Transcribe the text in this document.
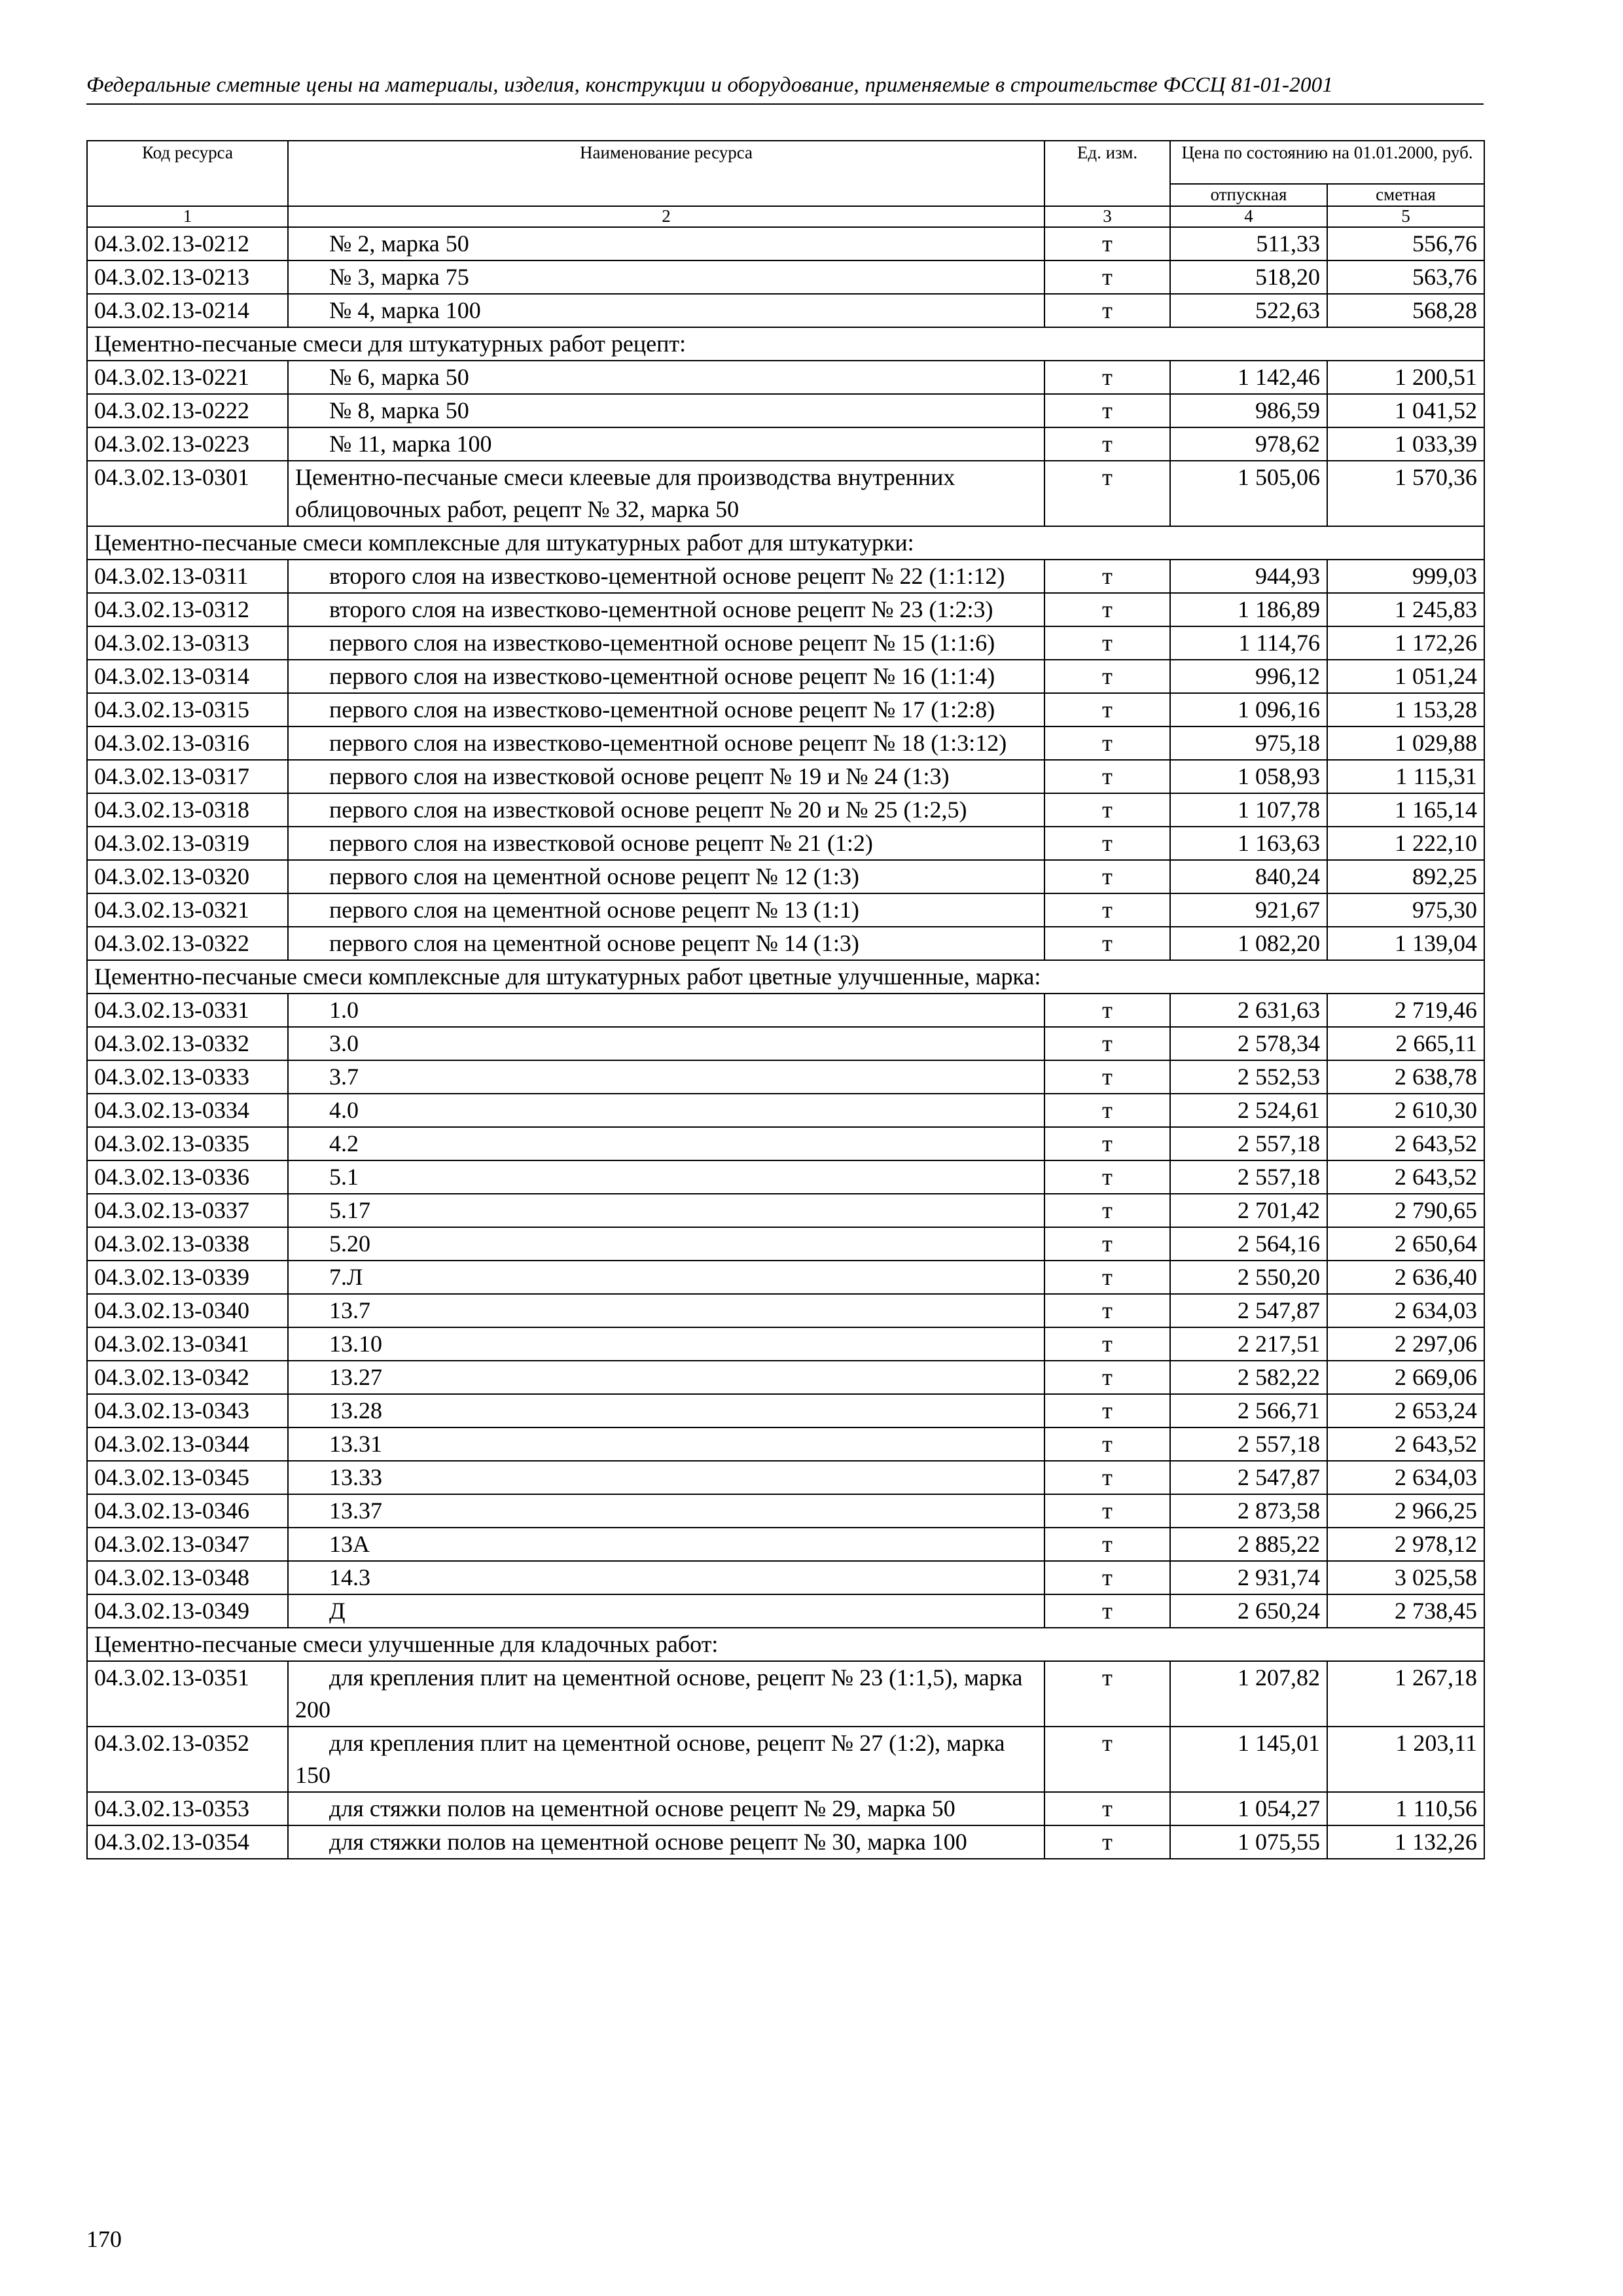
Федеральные сметные цены на материалы, изделия, конструкции и оборудование, применяемые в строительстве ФССЦ 81-01-2001
Код ресурса	Наименование ресурса	Ед. изм.	Цена по состоянию на 01.01.2000, руб.	
			отпускная	сметная
1	2	3	4	5
04.3.02.13-0212	№ 2, марка 50	т	511,33	556,76
04.3.02.13-0213	№ 3, марка 75	т	518,20	563,76
04.3.02.13-0214	№ 4, марка 100	т	522,63	568,28
Цементно-песчаные смеси для штукатурных работ рецепт:				
04.3.02.13-0221	№ 6, марка 50	т	1 142,46	1 200,51
04.3.02.13-0222	№ 8, марка 50	т	986,59	1 041,52
04.3.02.13-0223	№ 11, марка 100	т	978,62	1 033,39
04.3.02.13-0301	Цементно-песчаные смеси клеевые для производства внутренних облицовочных работ, рецепт № 32, марка 50	т	1 505,06	1 570,36
Цементно-песчаные смеси комплексные для штукатурных работ для штукатурки:				
04.3.02.13-0311	второго слоя на известково-цементной основе рецепт № 22 (1:1:12)	т	944,93	999,03
04.3.02.13-0312	второго слоя на известково-цементной основе рецепт № 23 (1:2:3)	т	1 186,89	1 245,83
04.3.02.13-0313	первого слоя на известково-цементной основе рецепт № 15 (1:1:6)	т	1 114,76	1 172,26
04.3.02.13-0314	первого слоя на известково-цементной основе рецепт № 16 (1:1:4)	т	996,12	1 051,24
04.3.02.13-0315	первого слоя на известково-цементной основе рецепт № 17 (1:2:8)	т	1 096,16	1 153,28
04.3.02.13-0316	первого слоя на известково-цементной основе рецепт № 18 (1:3:12)	т	975,18	1 029,88
04.3.02.13-0317	первого слоя на известковой основе рецепт № 19 и № 24 (1:3)	т	1 058,93	1 115,31
04.3.02.13-0318	первого слоя на известковой основе рецепт № 20 и № 25 (1:2,5)	т	1 107,78	1 165,14
04.3.02.13-0319	первого слоя на известковой основе рецепт № 21 (1:2)	т	1 163,63	1 222,10
04.3.02.13-0320	первого слоя на цементной основе рецепт № 12 (1:3)	т	840,24	892,25
04.3.02.13-0321	первого слоя на цементной основе рецепт № 13 (1:1)	т	921,67	975,30
04.3.02.13-0322	первого слоя на цементной основе рецепт № 14 (1:3)	т	1 082,20	1 139,04
Цементно-песчаные смеси комплексные для штукатурных работ цветные улучшенные, марка:				
04.3.02.13-0331	1.0	т	2 631,63	2 719,46
04.3.02.13-0332	3.0	т	2 578,34	2 665,11
04.3.02.13-0333	3.7	т	2 552,53	2 638,78
04.3.02.13-0334	4.0	т	2 524,61	2 610,30
04.3.02.13-0335	4.2	т	2 557,18	2 643,52
04.3.02.13-0336	5.1	т	2 557,18	2 643,52
04.3.02.13-0337	5.17	т	2 701,42	2 790,65
04.3.02.13-0338	5.20	т	2 564,16	2 650,64
04.3.02.13-0339	7.Л	т	2 550,20	2 636,40
04.3.02.13-0340	13.7	т	2 547,87	2 634,03
04.3.02.13-0341	13.10	т	2 217,51	2 297,06
04.3.02.13-0342	13.27	т	2 582,22	2 669,06
04.3.02.13-0343	13.28	т	2 566,71	2 653,24
04.3.02.13-0344	13.31	т	2 557,18	2 643,52
04.3.02.13-0345	13.33	т	2 547,87	2 634,03
04.3.02.13-0346	13.37	т	2 873,58	2 966,25
04.3.02.13-0347	13А	т	2 885,22	2 978,12
04.3.02.13-0348	14.3	т	2 931,74	3 025,58
04.3.02.13-0349	Д	т	2 650,24	2 738,45
Цементно-песчаные смеси улучшенные для кладочных работ:				
04.3.02.13-0351	для крепления плит на цементной основе, рецепт № 23 (1:1,5), марка 200	т	1 207,82	1 267,18
04.3.02.13-0352	для крепления плит на цементной основе, рецепт № 27 (1:2), марка 150	т	1 145,01	1 203,11
04.3.02.13-0353	для стяжки полов на цементной основе рецепт № 29, марка 50	т	1 054,27	1 110,56
04.3.02.13-0354	для стяжки полов на цементной основе рецепт № 30, марка 100	т	1 075,55	1 132,26
170
